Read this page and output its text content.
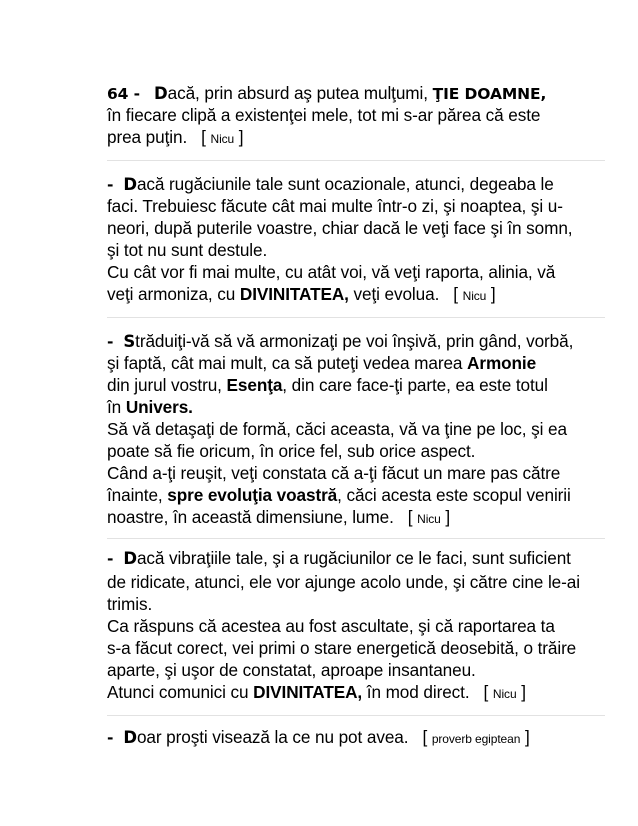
64 - Dacă, prin absurd aş putea mulţumi, ŢIE DOAMNE,
în fiecare clipă a existenţei mele, tot mi s-ar părea că este
prea puţin.   [ Nicu ]
- Dacă rugăciunile tale sunt ocazionale, atunci, degeaba le
faci. Trebuiesc făcute cât mai multe într-o zi, şi noaptea, şi u-
neori, după puterile voastre, chiar dacă le veţi face şi în somn,
şi tot nu sunt destule.
Cu cât vor fi mai multe, cu atât voi, vă veţi raporta, alinia, vă
veţi armoniza, cu DIVINITATEA, veţi evolua.   [ Nicu ]
- Străduiţi-vă să vă armonizaţi pe voi înşivă, prin gând, vorbă,
şi faptă, cât mai mult, ca să puteţi vedea marea Armonie
din jurul vostru, Esenţa, din care face-ţi parte, ea este totul
în Univers.
Să vă detaşaţi de formă, căci aceasta, vă va ţine pe loc, şi ea
poate să fie oricum, în orice fel, sub orice aspect.
Când a-ţi reuşit, veţi constata că a-ţi făcut un mare pas către
înainte, spre evoluţia voastră, căci acesta este scopul venirii
noastre, în această dimensiune, lume.   [ Nicu ]
- Dacă vibraţiile tale, şi a rugăciunilor ce le faci, sunt suficient
de ridicate, atunci, ele vor ajunge acolo unde, şi către cine le-ai
trimis.
Ca răspuns că acestea au fost ascultate, şi că raportarea ta
s-a făcut corect, vei primi o stare energetică deosebită, o trăire
aparte, şi uşor de constatat, aproape insantaneu.
Atunci comunici cu DIVINITATEA, în mod direct.   [ Nicu ]
- Doar proşti visează la ce nu pot avea.   [ proverb egiptean ]
